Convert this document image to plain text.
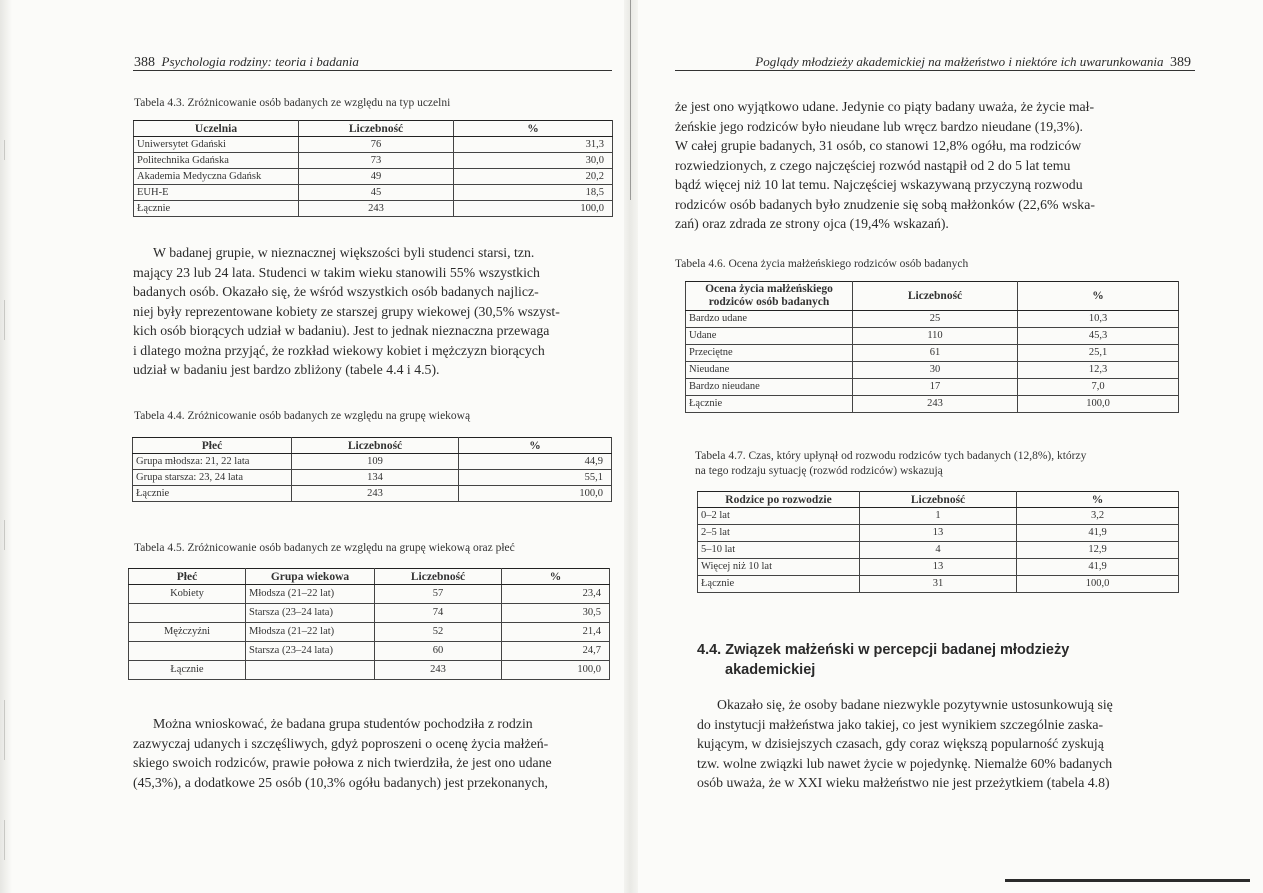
388 Psychologia rodziny: teoria i badania
Tabela 4.3. Zróżnicowanie osób badanych ze względu na typ uczelni
Uczelnia	Liczebność	%
Uniwersytet Gdański	76	31,3
Politechnika Gdańska	73	30,0
Akademia Medyczna Gdańsk	49	20,2
EUH-E	45	18,5
Łącznie	243	100,0
W badanej grupie, w nieznacznej większości byli studenci starsi, tzn.
mający 23 lub 24 lata. Studenci w takim wieku stanowili 55% wszystkich
badanych osób. Okazało się, że wśród wszystkich osób badanych najlicz-
niej były reprezentowane kobiety ze starszej grupy wiekowej (30,5% wszyst-
kich osób biorących udział w badaniu). Jest to jednak nieznaczna przewaga
i dlatego można przyjąć, że rozkład wiekowy kobiet i mężczyzn biorących
udział w badaniu jest bardzo zbliżony (tabele 4.4 i 4.5).
Tabela 4.4. Zróżnicowanie osób badanych ze względu na grupę wiekową
Płeć	Liczebność	%
Grupa młodsza: 21, 22 lata	109	44,9
Grupa starsza: 23, 24 lata	134	55,1
Łącznie	243	100,0
Tabela 4.5. Zróżnicowanie osób badanych ze względu na grupę wiekową oraz płeć
Płeć	Grupa wiekowa	Liczebność	%
Kobiety	Młodsza (21–22 lat)	57	23,4
	Starsza (23–24 lata)	74	30,5
Mężczyźni	Młodsza (21–22 lat)	52	21,4
	Starsza (23–24 lata)	60	24,7
Łącznie		243	100,0
Można wnioskować, że badana grupa studentów pochodziła z rodzin
zazwyczaj udanych i szczęśliwych, gdyż poproszeni o ocenę życia małżeń-
skiego swoich rodziców, prawie połowa z nich twierdziła, że jest ono udane
(45,3%), a dodatkowe 25 osób (10,3% ogółu badanych) jest przekonanych,
Poglądy młodzieży akademickiej na małżeństwo i niektóre ich uwarunkowania 389
że jest ono wyjątkowo udane. Jedynie co piąty badany uważa, że życie mał-
żeńskie jego rodziców było nieudane lub wręcz bardzo nieudane (19,3%).
W całej grupie badanych, 31 osób, co stanowi 12,8% ogółu, ma rodziców
rozwiedzionych, z czego najczęściej rozwód nastąpił od 2 do 5 lat temu
bądź więcej niż 10 lat temu. Najczęściej wskazywaną przyczyną rozwodu
rodziców osób badanych było znudzenie się sobą małżonków (22,6% wska-
zań) oraz zdrada ze strony ojca (19,4% wskazań).
Tabela 4.6. Ocena życia małżeńskiego rodziców osób badanych
Ocena życia małżeńskiego
rodziców osób badanych	Liczebność	%
Bardzo udane	25	10,3
Udane	110	45,3
Przeciętne	61	25,1
Nieudane	30	12,3
Bardzo nieudane	17	7,0
Łącznie	243	100,0
Tabela 4.7. Czas, który upłynął od rozwodu rodziców tych badanych (12,8%), którzy
na tego rodzaju sytuację (rozwód rodziców) wskazują
Rodzice po rozwodzie	Liczebność	%
0–2 lat	1	3,2
2–5 lat	13	41,9
5–10 lat	4	12,9
Więcej niż 10 lat	13	41,9
Łącznie	31	100,0
4.4. Związek małżeński w percepcji badanej młodzieży
akademickiej
Okazało się, że osoby badane niezwykle pozytywnie ustosunkowują się
do instytucji małżeństwa jako takiej, co jest wynikiem szczególnie zaska-
kującym, w dzisiejszych czasach, gdy coraz większą popularność zyskują
tzw. wolne związki lub nawet życie w pojedynkę. Niemalże 60% badanych
osób uważa, że w XXI wieku małżeństwo nie jest przeżytkiem (tabela 4.8)
